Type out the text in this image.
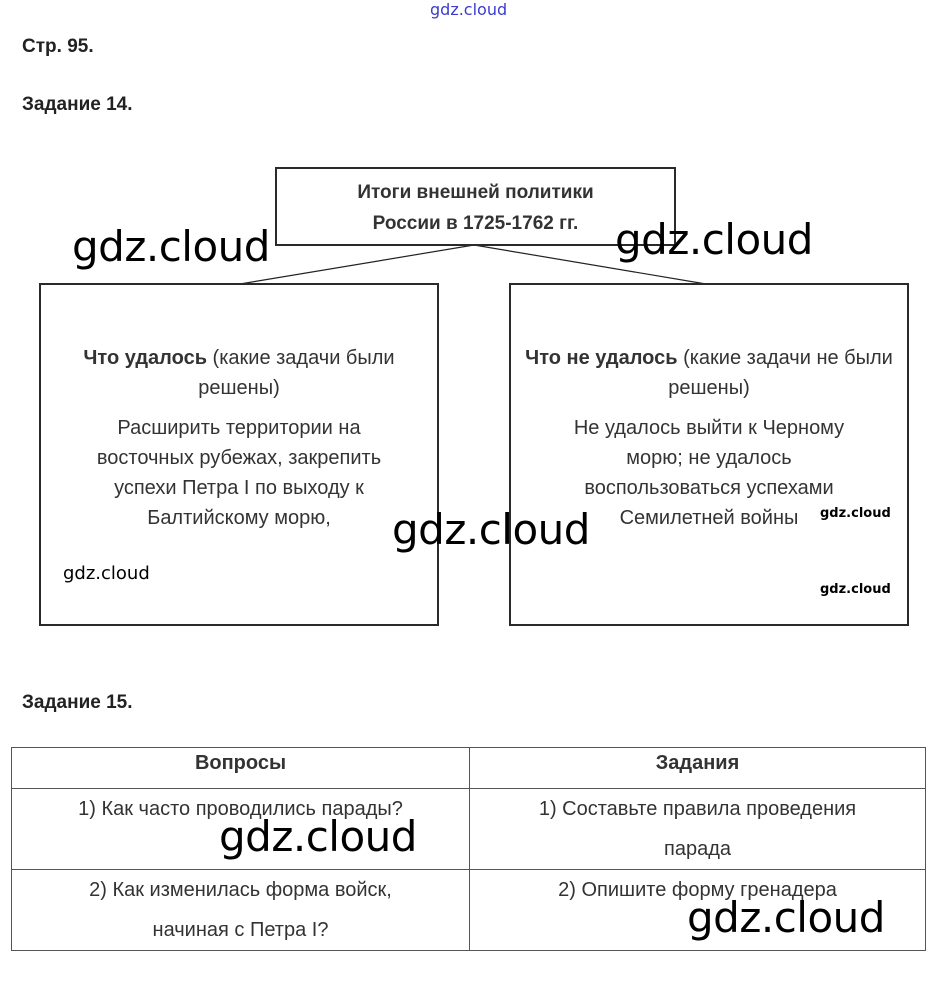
gdz.cloud
Стр. 95.
Задание 14.
Итоги внешней политики
России в 1725-1762 гг.
Что удалось (какие задачи были решены)
Расширить территории на восточных рубежах, закрепить успехи Петра I по выходу к Балтийскому морю,
Что не удалось (какие задачи не были решены)
Не удалось выйти к Черному морю; не удалось воспользоваться успехами Семилетней войны
Задание 15.
Вопросы	Задания

1) Как часто проводились парады?	1) Составьте правила проведения парада

2) Как изменилась форма войск, начиная с Петра I?	2) Опишите форму гренадера
gdz.cloud	gdz.cloud
gdz.cloud
gdz.cloud
gdz.cloud
gdz.cloud
gdz.cloud
gdz.cloud
